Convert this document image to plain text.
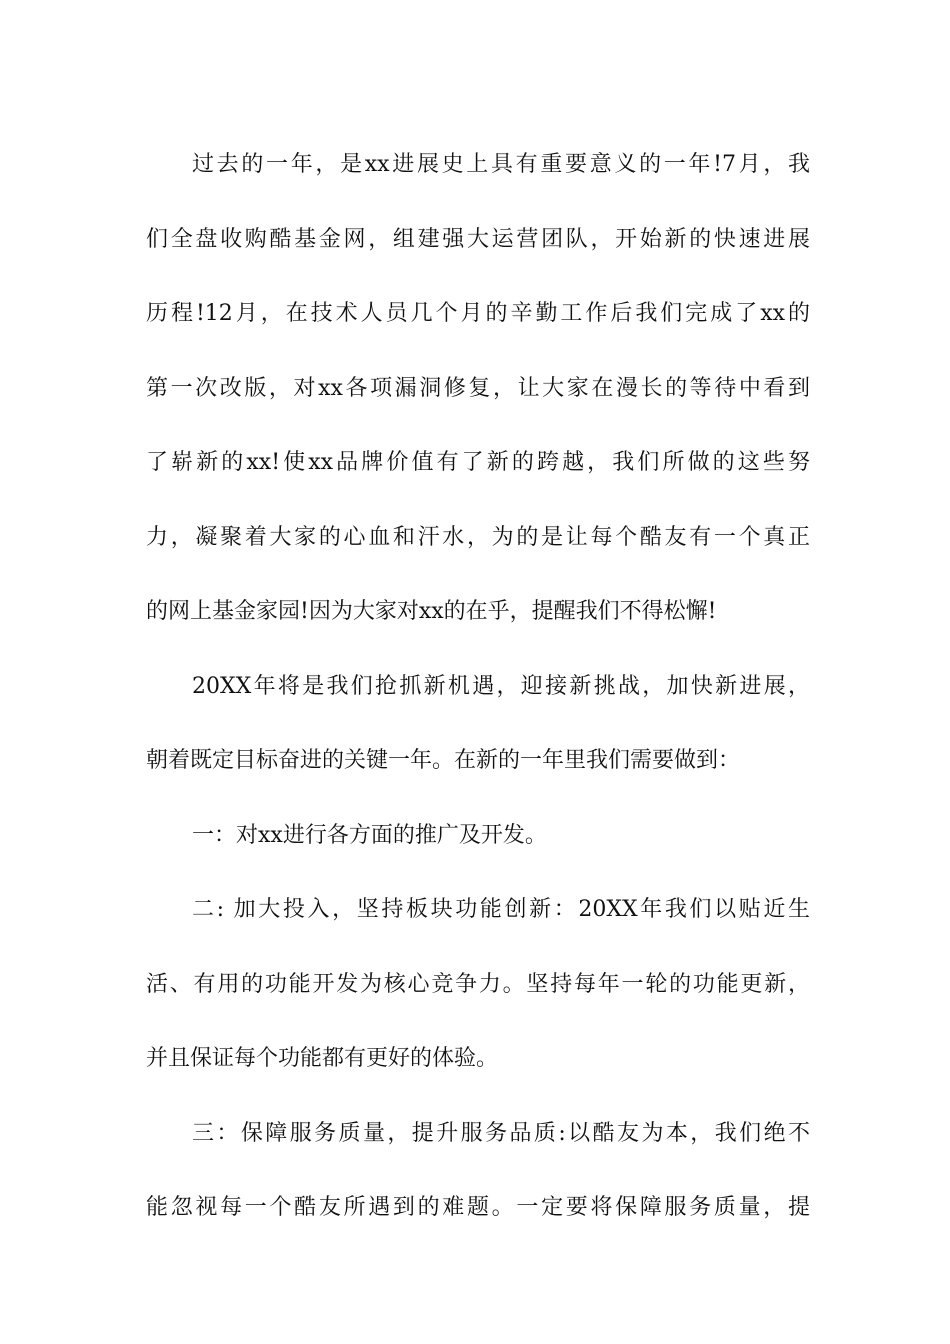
过去的一年，是xx进展史上具有重要意义的一年!7月，我
们全盘收购酷基金网，组建强大运营团队，开始新的快速进展
历程!12月，在技术人员几个月的辛勤工作后我们完成了xx的
第一次改版，对xx各项漏洞修复，让大家在漫长的等待中看到
了崭新的xx!使xx品牌价值有了新的跨越，我们所做的这些努
力，凝聚着大家的心血和汗水，为的是让每个酷友有一个真正
的网上基金家园!因为大家对xx的在乎，提醒我们不得松懈!
20XX年将是我们抢抓新机遇，迎接新挑战，加快新进展，
朝着既定目标奋进的关键一年。在新的一年里我们需要做到：
一：对xx进行各方面的推广及开发。
二: 加大投入，坚持板块功能创新：20XX年我们以贴近生
活、有用的功能开发为核心竞争力。坚持每年一轮的功能更新，
并且保证每个功能都有更好的体验。
三：保障服务质量，提升服务品质:以酷友为本，我们绝不
能忽视每一个酷友所遇到的难题。一定要将保障服务质量，提
